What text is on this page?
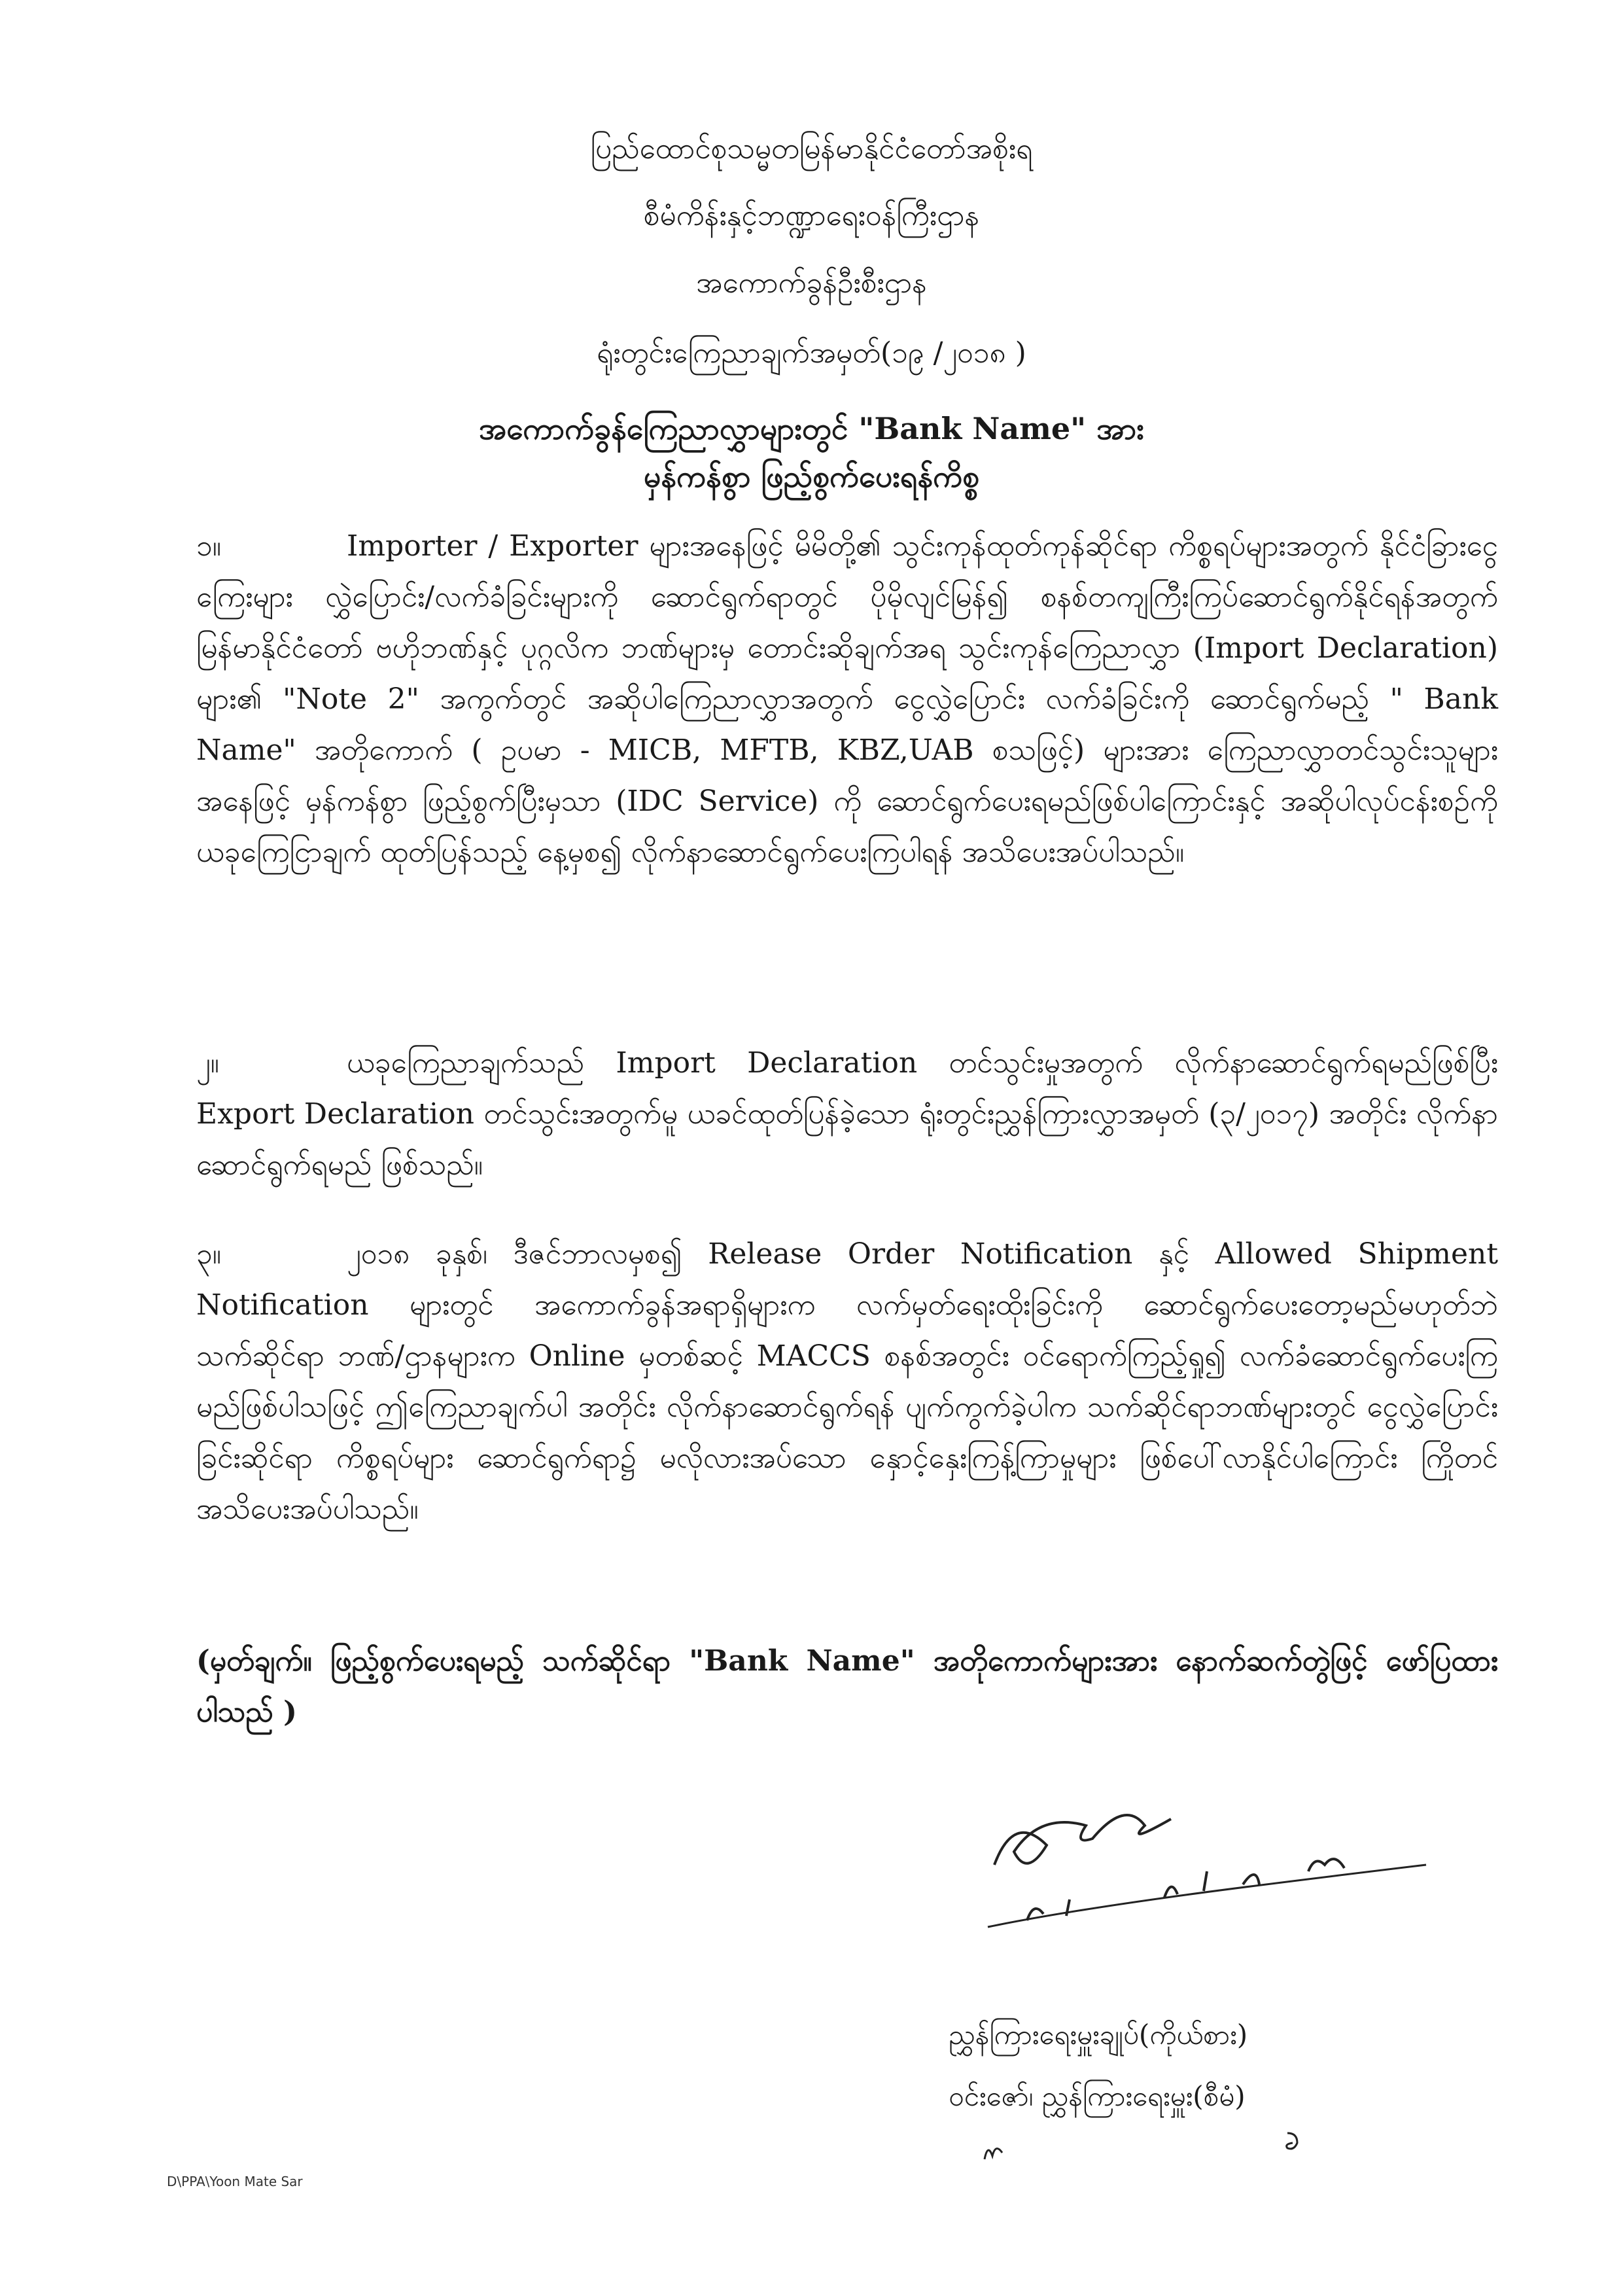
ပြည်ထောင်စုသမ္မတမြန်မာနိုင်ငံတော်အစိုးရ
စီမံကိန်းနှင့်ဘဏ္ဍာရေးဝန်ကြီးဌာန
အကောက်ခွန်ဦးစီးဌာန
ရုံးတွင်းကြေညာချက်အမှတ်(၁၉ /၂၀၁၈ )
အကောက်ခွန်ကြေညာလွှာများတွင် "Bank Name" အား
မှန်ကန်စွာ ဖြည့်စွက်ပေးရန်ကိစ္စ
၁။	Importer / Exporter များအနေဖြင့် မိမိတို့၏ သွင်းကုန်ထုတ်ကုန်ဆိုင်ရာ ကိစ္စရပ်များအတွက် နိုင်ငံခြားငွေကြေးများ လွှဲပြောင်း/လက်ခံခြင်းများကို ဆောင်ရွက်ရာတွင် ပိုမိုလျင်မြန်၍ စနစ်တကျကြီးကြပ်ဆောင်ရွက်နိုင်ရန်အတွက် မြန်မာနိုင်ငံတော် ဗဟိုဘဏ်နှင့် ပုဂ္ဂလိက ဘဏ်များမှ တောင်းဆိုချက်အရ သွင်းကုန်ကြေညာလွှာ (Import Declaration) များ၏ "Note 2" အကွက်တွင် အဆိုပါကြေညာလွှာအတွက် ငွေလွှဲပြောင်း လက်ခံခြင်းကို ဆောင်ရွက်မည့် " Bank Name" အတိုကောက် ( ဥပမာ - MICB, MFTB, KBZ,UAB စသဖြင့်) များအား ကြေညာလွှာတင်သွင်းသူများအနေဖြင့် မှန်ကန်စွာ ဖြည့်စွက်ပြီးမှသာ (IDC Service) ကို ဆောင်ရွက်ပေးရမည်ဖြစ်ပါကြောင်းနှင့် အဆိုပါလုပ်ငန်းစဉ်ကို ယခုကြေငြာချက် ထုတ်ပြန်သည့် နေ့မှစ၍ လိုက်နာဆောင်ရွက်ပေးကြပါရန် အသိပေးအပ်ပါသည်။
၂။	ယခုကြေညာချက်သည် Import Declaration တင်သွင်းမှုအတွက် လိုက်နာဆောင်ရွက်ရမည်ဖြစ်ပြီး Export Declaration တင်သွင်းအတွက်မူ ယခင်ထုတ်ပြန်ခဲ့သော ရုံးတွင်းညွှန်ကြားလွှာအမှတ် (၃/၂၀၁၇) အတိုင်း လိုက်နာဆောင်ရွက်ရမည် ဖြစ်သည်။
၃။	၂၀၁၈ ခုနှစ်၊ ဒီဇင်ဘာလမှစ၍ Release Order Notification နှင့် Allowed Shipment Notification များတွင် အကောက်ခွန်အရာရှိများက လက်မှတ်ရေးထိုးခြင်းကို ဆောင်ရွက်ပေးတော့မည်မဟုတ်ဘဲ သက်ဆိုင်ရာ ဘဏ်/ဌာနများက Online မှတစ်ဆင့် MACCS စနစ်အတွင်း ဝင်ရောက်ကြည့်ရှု၍ လက်ခံဆောင်ရွက်ပေးကြမည်ဖြစ်ပါသဖြင့် ဤကြေညာချက်ပါ အတိုင်း လိုက်နာဆောင်ရွက်ရန် ပျက်ကွက်ခဲ့ပါက သက်ဆိုင်ရာဘဏ်များတွင် ငွေလွှဲပြောင်းခြင်းဆိုင်ရာ ကိစ္စရပ်များ ဆောင်ရွက်ရာ၌ မလိုလားအပ်သော နှောင့်နှေးကြန့်ကြာမှုများ ဖြစ်ပေါ်လာနိုင်ပါကြောင်း ကြိုတင်အသိပေးအပ်ပါသည်။
(မှတ်ချက်။ ဖြည့်စွက်ပေးရမည့် သက်ဆိုင်ရာ "Bank Name" အတိုကောက်များအား နောက်ဆက်တွဲဖြင့် ဖော်ပြထားပါသည် )
ညွှန်ကြားရေးမှူးချုပ်(ကိုယ်စား)
ဝင်းဇော်၊ ညွှန်ကြားရေးမှူး(စီမံ)
D\PPA\Yoon Mate Sar
